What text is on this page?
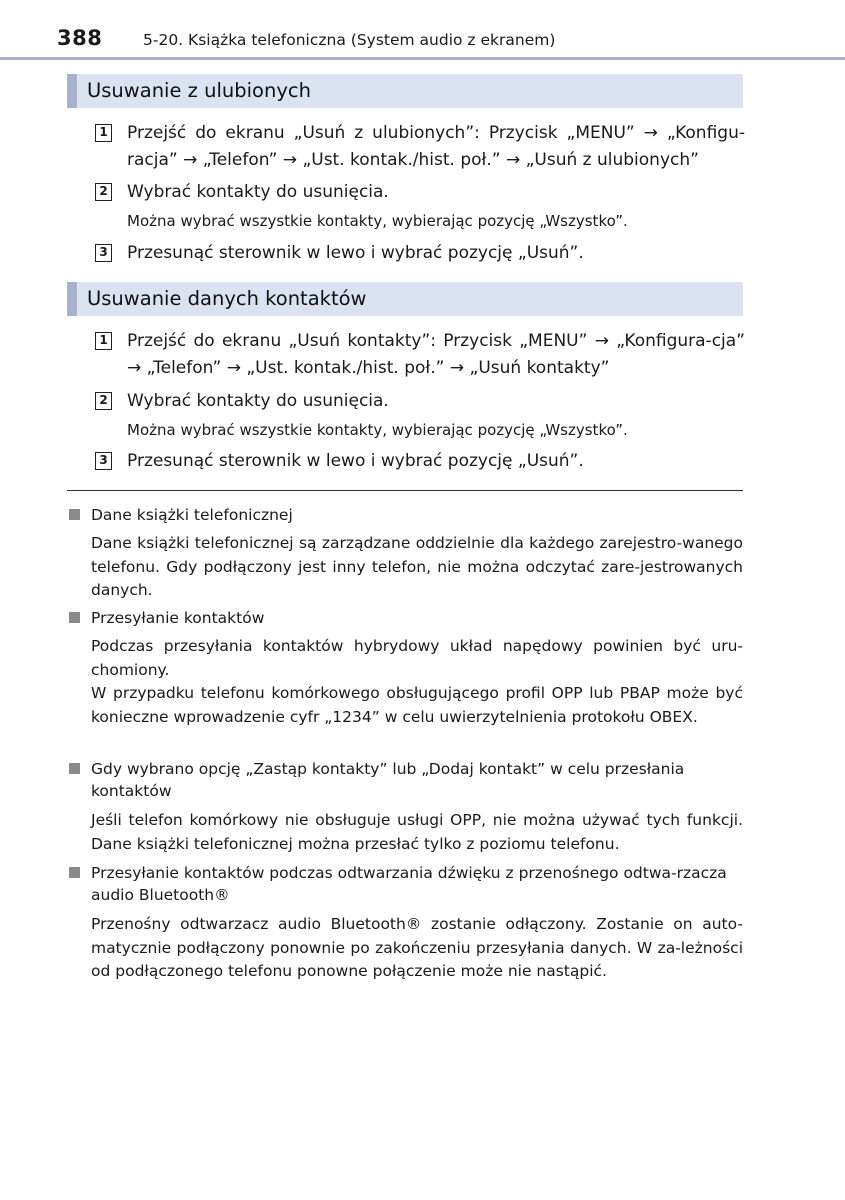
388	5-20. Książka telefoniczna (System audio z ekranem)
Usuwanie z ulubionych
1 Przejść do ekranu „Usuń z ulubionych”: Przycisk „MENU” → „Konfigu-racja” → „Telefon” → „Ust. kontak./hist. poł.” → „Usuń z ulubionych”
2 Wybrać kontakty do usunięcia.
Można wybrać wszystkie kontakty, wybierając pozycję „Wszystko”.
3 Przesunąć sterownik w lewo i wybrać pozycję „Usuń”.
Usuwanie danych kontaktów
1 Przejść do ekranu „Usuń kontakty”: Przycisk „MENU” → „Konfigura-cja” → „Telefon” → „Ust. kontak./hist. poł.” → „Usuń kontakty”
2 Wybrać kontakty do usunięcia.
Można wybrać wszystkie kontakty, wybierając pozycję „Wszystko”.
3 Przesunąć sterownik w lewo i wybrać pozycję „Usuń”.
Dane książki telefonicznej
Dane książki telefonicznej są zarządzane oddzielnie dla każdego zarejestro-wanego telefonu. Gdy podłączony jest inny telefon, nie można odczytać zare-jestrowanych danych.
Przesyłanie kontaktów
Podczas przesyłania kontaktów hybrydowy układ napędowy powinien być uru-chomiony.
W przypadku telefonu komórkowego obsługującego profil OPP lub PBAP może być konieczne wprowadzenie cyfr „1234” w celu uwierzytelnienia protokołu OBEX.
Gdy wybrano opcję „Zastąp kontakty” lub „Dodaj kontakt” w celu przesłania kontaktów
Jeśli telefon komórkowy nie obsługuje usługi OPP, nie można używać tych funkcji. Dane książki telefonicznej można przesłać tylko z poziomu telefonu.
Przesyłanie kontaktów podczas odtwarzania dźwięku z przenośnego odtwa-rzacza audio Bluetooth®
Przenośny odtwarzacz audio Bluetooth® zostanie odłączony. Zostanie on auto-matycznie podłączony ponownie po zakończeniu przesyłania danych. W za-leżności od podłączonego telefonu ponowne połączenie może nie nastąpić.
